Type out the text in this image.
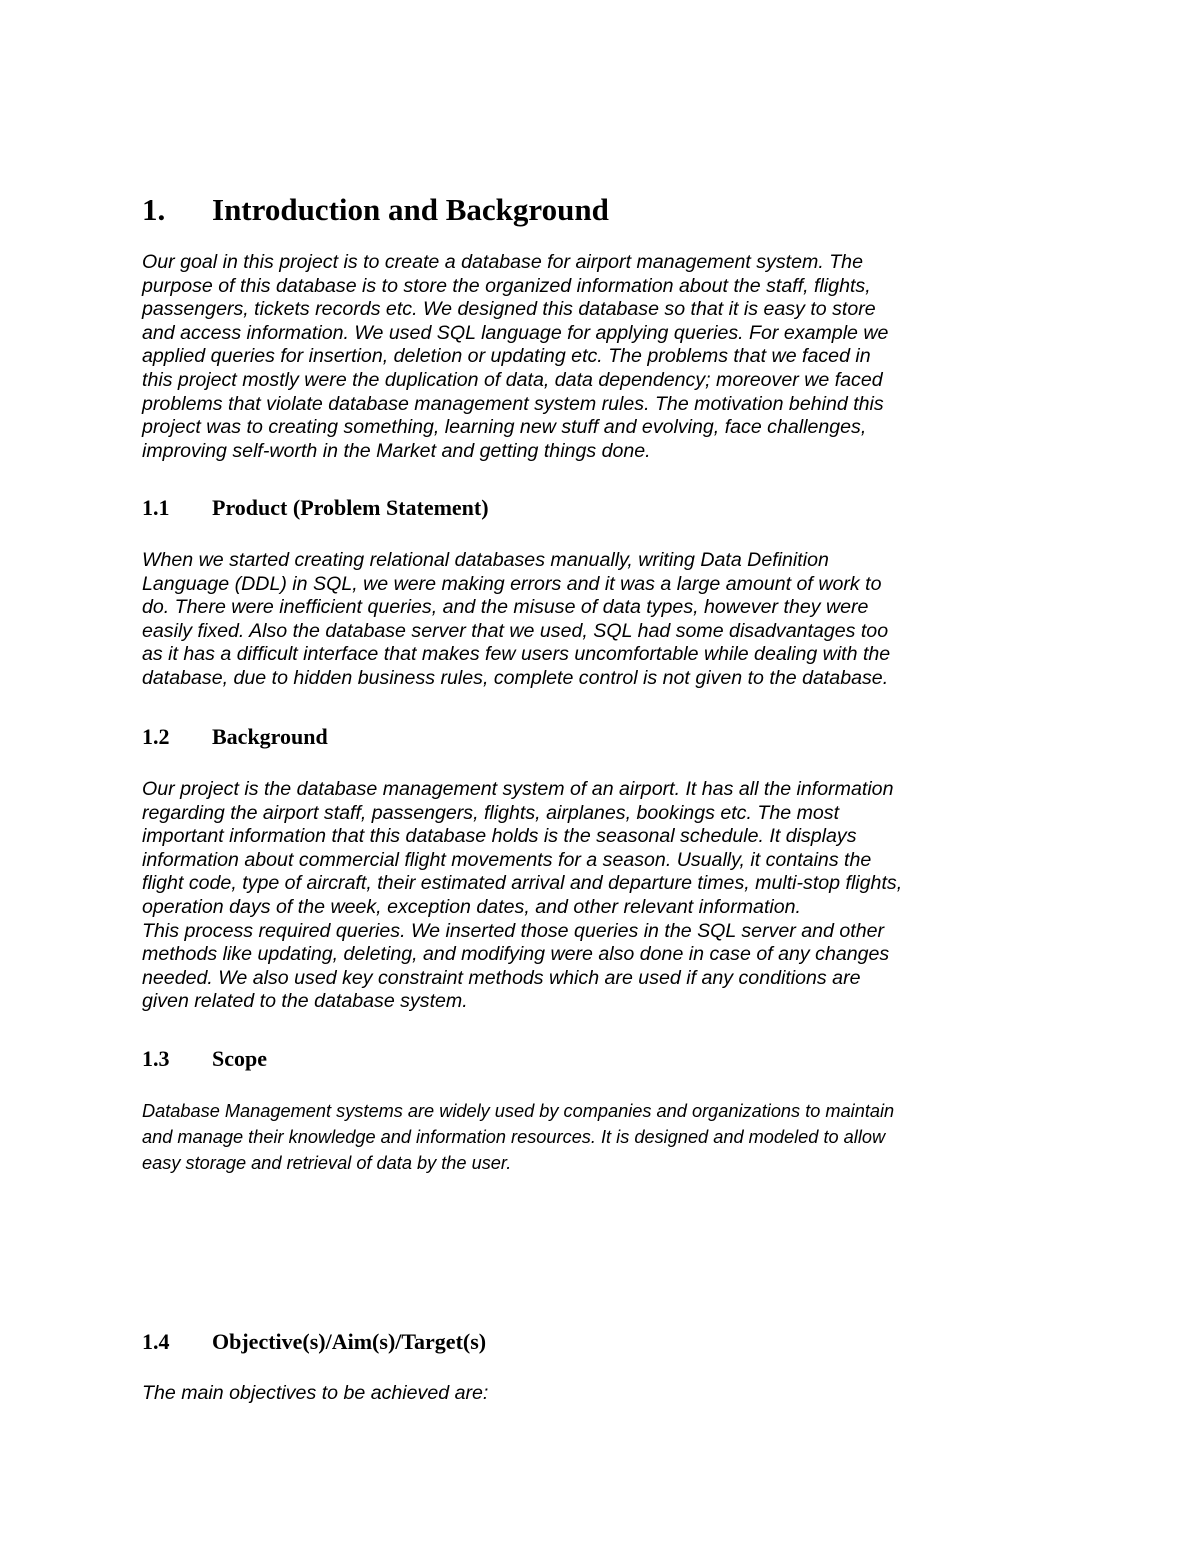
1. Introduction and Background
Our goal in this project is to create a database for airport management system. The
purpose of this database is to store the organized information about the staff, flights,
passengers, tickets records etc. We designed this database so that it is easy to store
and access information. We used SQL language for applying queries. For example we
applied queries for insertion, deletion or updating etc. The problems that we faced in
this project mostly were the duplication of data, data dependency; moreover we faced
problems that violate database management system rules. The motivation behind this
project was to creating something, learning new stuff and evolving, face challenges,
improving self-worth in the Market and getting things done.
1.1 Product (Problem Statement)
When we started creating relational databases manually, writing Data Definition
Language (DDL) in SQL, we were making errors and it was a large amount of work to
do. There were inefficient queries, and the misuse of data types, however they were
easily fixed. Also the database server that we used, SQL had some disadvantages too
as it has a difficult interface that makes few users uncomfortable while dealing with the
database, due to hidden business rules, complete control is not given to the database.
1.2 Background
Our project is the database management system of an airport. It has all the information
regarding the airport staff, passengers, flights, airplanes, bookings etc. The most
important information that this database holds is the seasonal schedule. It displays
information about commercial flight movements for a season. Usually, it contains the
flight code, type of aircraft, their estimated arrival and departure times, multi-stop flights,
operation days of the week, exception dates, and other relevant information.
This process required queries. We inserted those queries in the SQL server and other
methods like updating, deleting, and modifying were also done in case of any changes
needed. We also used key constraint methods which are used if any conditions are
given related to the database system.
1.3 Scope
Database Management systems are widely used by companies and organizations to maintain
and manage their knowledge and information resources. It is designed and modeled to allow
easy storage and retrieval of data by the user.
1.4 Objective(s)/Aim(s)/Target(s)
The main objectives to be achieved are:
